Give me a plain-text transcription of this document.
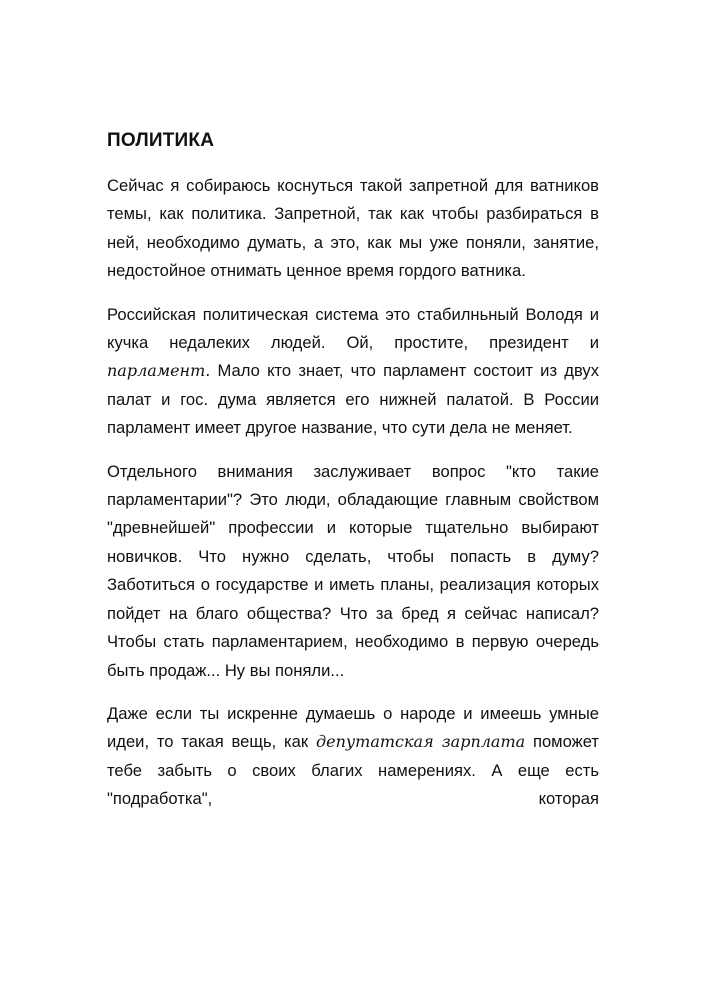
ПОЛИТИКА

Сейчас я собираюсь коснуться такой запретной для ватников темы, как политика. Запретной, так как чтобы разбираться в ней, необходимо думать, а это, как мы уже поняли, занятие, недостойное отнимать ценное время гордого ватника.

Российская политическая система это стабилньный Володя и кучка недалеких людей. Ой, простите, президент и парламент. Мало кто знает, что парламент состоит из двух палат и гос. дума является его нижней палатой. В России парламент имеет другое название, что сути дела не меняет.

Отдельного внимания заслуживает вопрос "кто такие парламентарии"? Это люди, обладающие главным свойством "древнейшей" профессии и которые тщательно выбирают новичков. Что нужно сделать, чтобы попасть в думу? Заботиться о государстве и иметь планы, реализация которых пойдет на благо общества? Что за бред я сейчас написал? Чтобы стать парламентарием, необходимо в первую очередь быть продаж... Ну вы поняли...

Даже если ты искренне думаешь о народе и имеешь умные идеи, то такая вещь, как депутатская зарплата поможет тебе забыть о своих благих намерениях. А еще есть "подработка", которая
